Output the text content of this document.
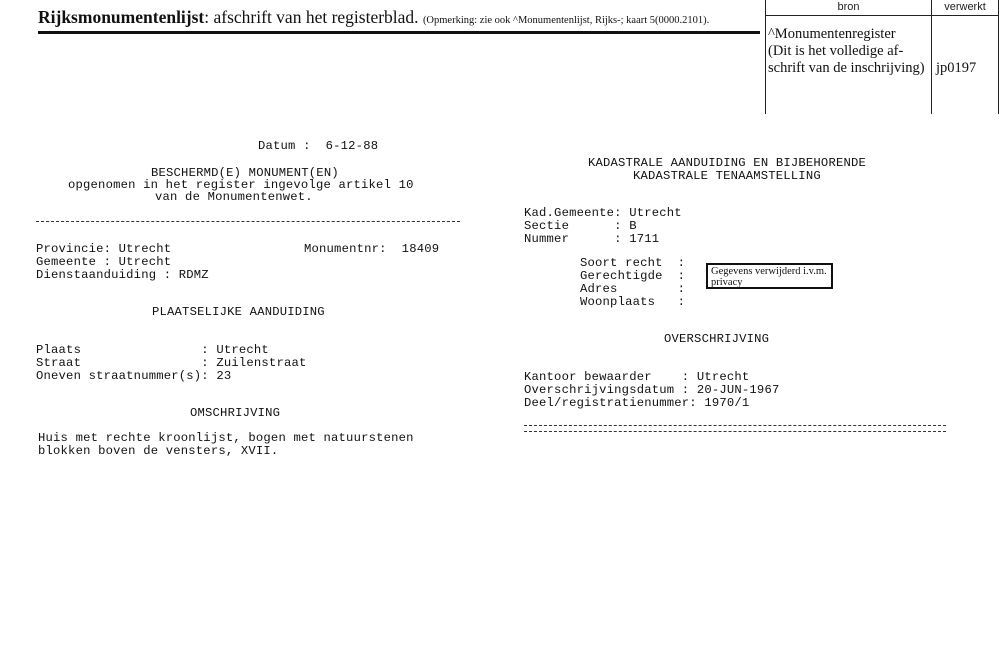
Rijksmonumentenlijst: afschrift van het registerblad. (Opmerking: zie ook ^Monumentenlijst, Rijks-; kaart 5(0000.2101).
bron	verwerkt
^Monumentenregister
(Dit is het volledige af-
schrift van de inschrijving) jp0197
Datum :  6-12-88
BESCHERMD(E) MONUMENT(EN)
opgenomen in het register ingevolge artikel 10
van de Monumentenwet.
Provincie: Utrecht	Monumentnr:  18409
Gemeente : Utrecht
Dienstaanduiding : RDMZ
PLAATSELIJKE AANDUIDING
Plaats                : Utrecht
Straat                : Zuilenstraat
Oneven straatnummer(s): 23
OMSCHRIJVING
Huis met rechte kroonlijst, bogen met natuurstenen
blokken boven de vensters, XVII.
KADASTRALE AANDUIDING EN BIJBEHORENDE
KADASTRALE TENAAMSTELLING
Kad.Gemeente: Utrecht
Sectie      : B
Nummer      : 1711
Soort recht  :
Gerechtigde  :
Adres        :
Woonplaats   :
Gegevens verwijderd i.v.m. privacy
OVERSCHRIJVING
Kantoor bewaarder    : Utrecht
Overschrijvingsdatum : 20-JUN-1967
Deel/registratienummer: 1970/1
